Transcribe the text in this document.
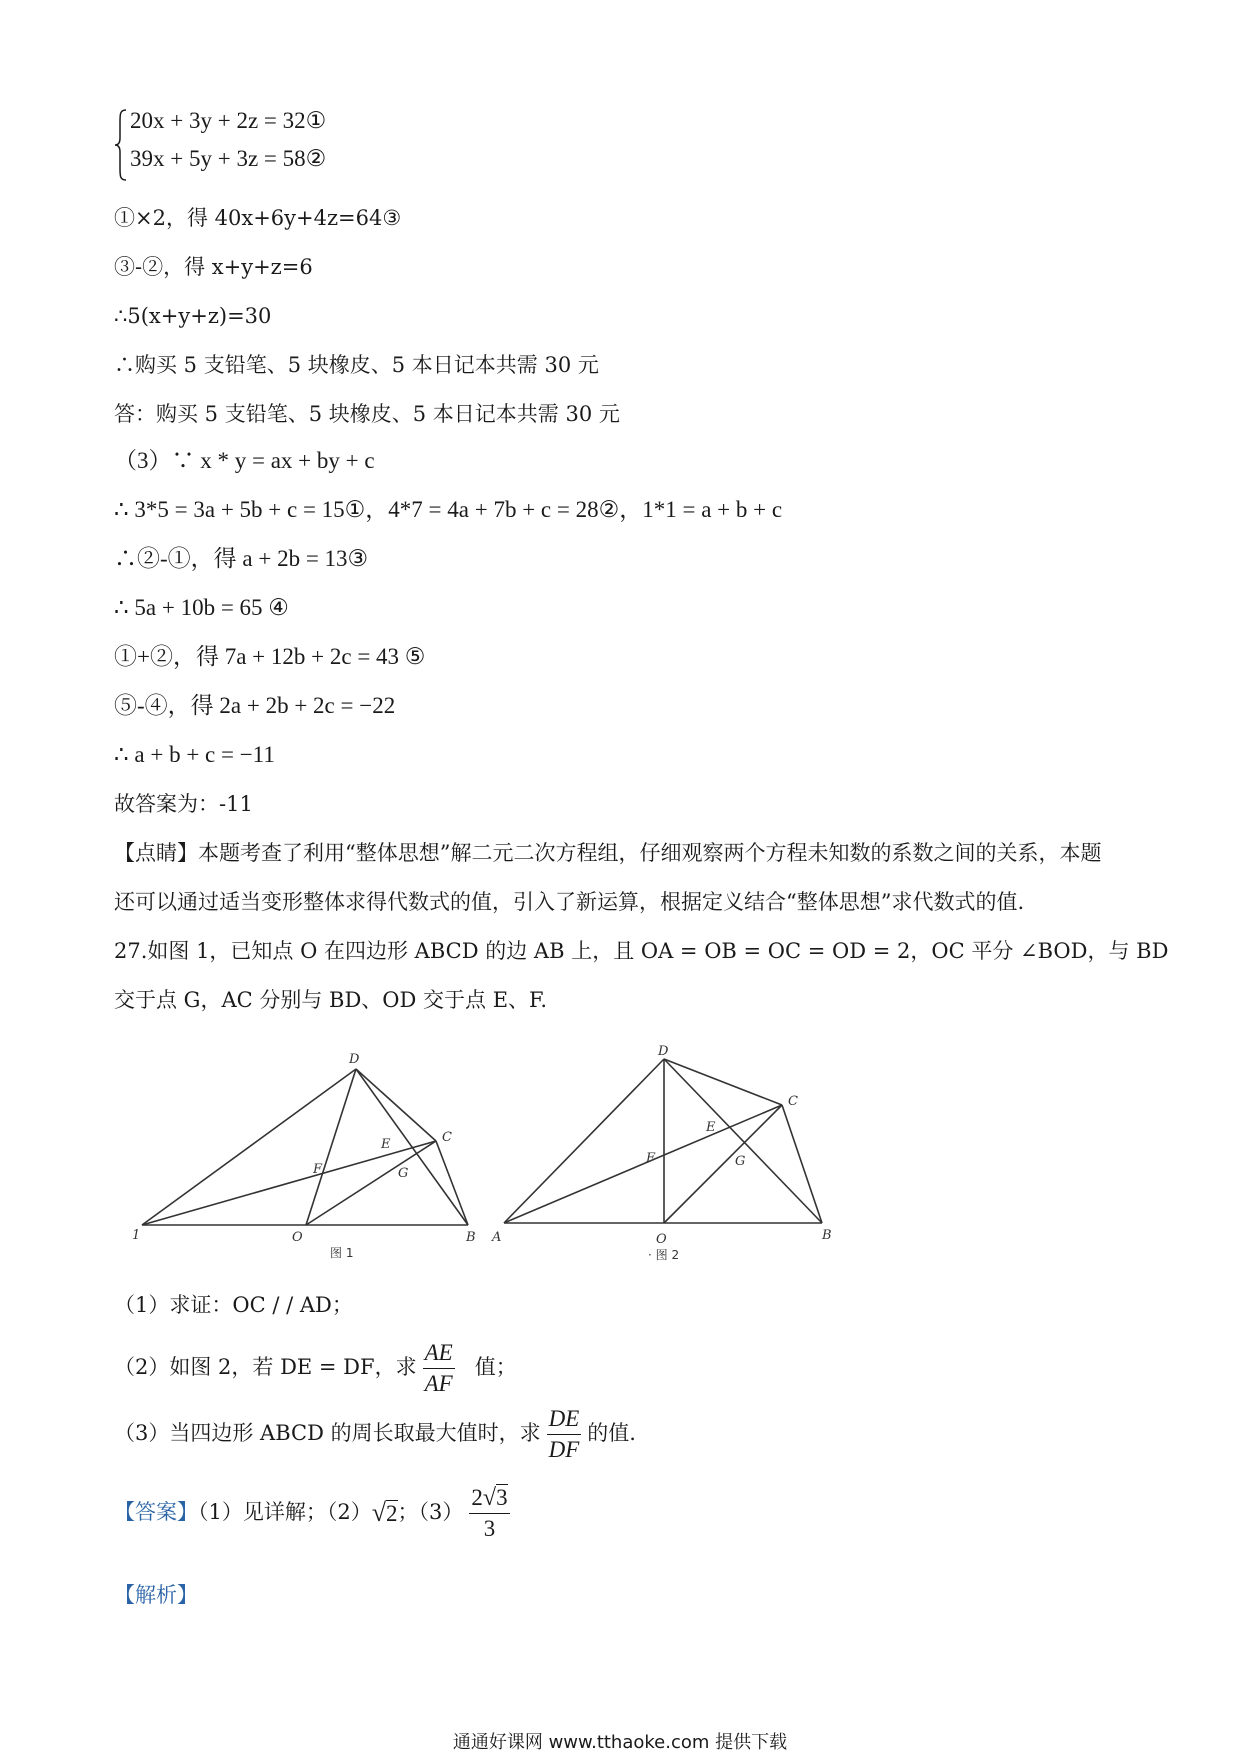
20x + 3y + 2z = 32①
39x + 5y + 3z = 58②
①×2，得 40x+6y+4z=64③
③-②，得 x+y+z=6
∴5(x+y+z)=30
∴购买 5 支铅笔、5 块橡皮、5 本日记本共需 30 元
答：购买 5 支铅笔、5 块橡皮、5 本日记本共需 30 元
（3）∵ x * y = ax + by + c
∴ 3*5 = 3a + 5b + c = 15①，4*7 = 4a + 7b + c = 28②，1*1 = a + b + c
∴②-①，得 a + 2b = 13③
∴ 5a + 10b = 65 ④
①+②，得 7a + 12b + 2c = 43 ⑤
⑤-④，得 2a + 2b + 2c = −22
∴ a + b + c = −11
故答案为：-11
【点睛】本题考查了利用“整体思想”解二元二次方程组，仔细观察两个方程未知数的系数之间的关系，本题
还可以通过适当变形整体求得代数式的值，引入了新运算，根据定义结合“整体思想”求代数式的值.
27.如图 1，已知点 O 在四边形 ABCD 的边 AB 上，且 OA = OB = OC = OD = 2，OC 平分 ∠BOD，与 BD
交于点 G，AC 分别与 BD、OD 交于点 E、F.
D
C
E
F	G
1	O	B
图 1
D
C
E
F	G
A	O	B
· 图 2
（1）求证：OC / / AD；
（2）如图 2，若 DE = DF，求 $\frac{AE}{AF}$ 值；
（3）当四边形 ABCD 的周长取最大值时，求 $\frac{DE}{DF}$ 的值.
【答案】（1）见详解；（2）√2；$(3) \frac{2√3}{3}$
【解析】
通通好课网 www.tthaoke.com 提供下载
